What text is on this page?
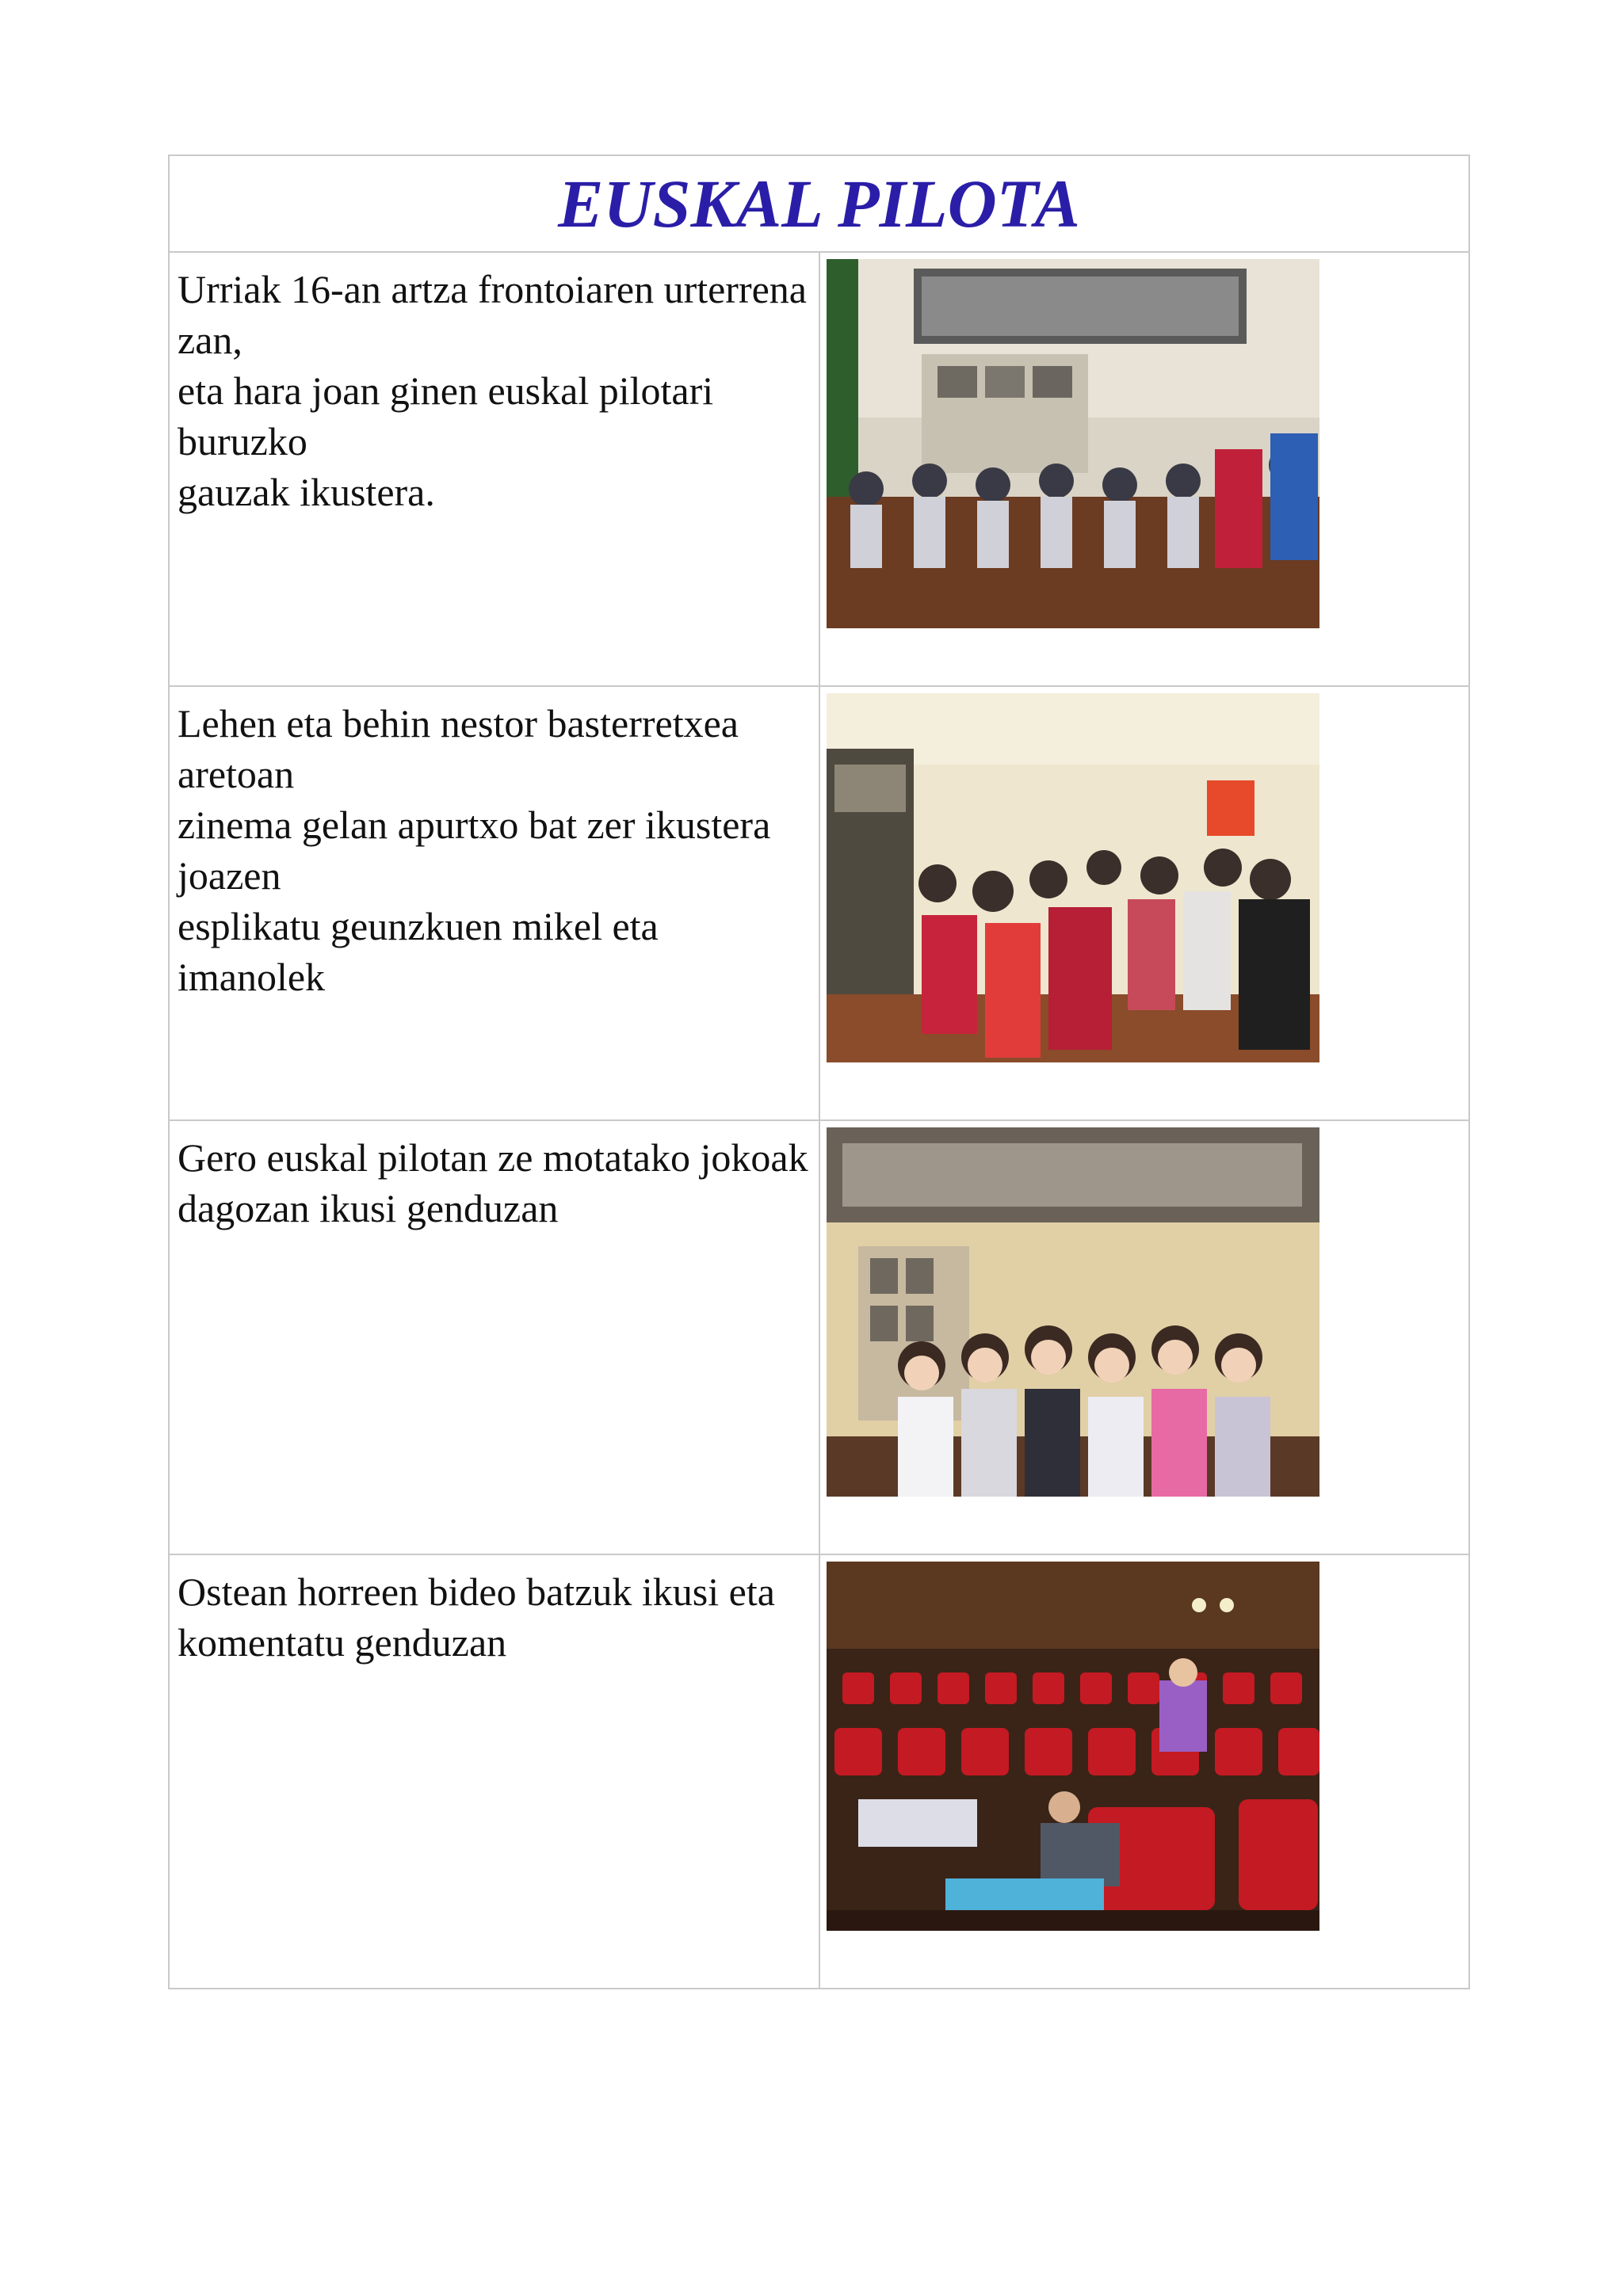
EUSKAL PILOTA	

Urriak 16-an artza frontoiaren urterrena zan,
eta hara joan ginen euskal pilotari buruzko
gauzak ikustera.

Lehen eta behin nestor basterretxea aretoan
zinema gelan apurtxo bat zer ikustera joazen
esplikatu geunzkuen mikel eta imanolek

Gero euskal pilotan ze motatako jokoak
dagozan ikusi genduzan

Ostean horreen bideo batzuk ikusi eta
komentatu genduzan
